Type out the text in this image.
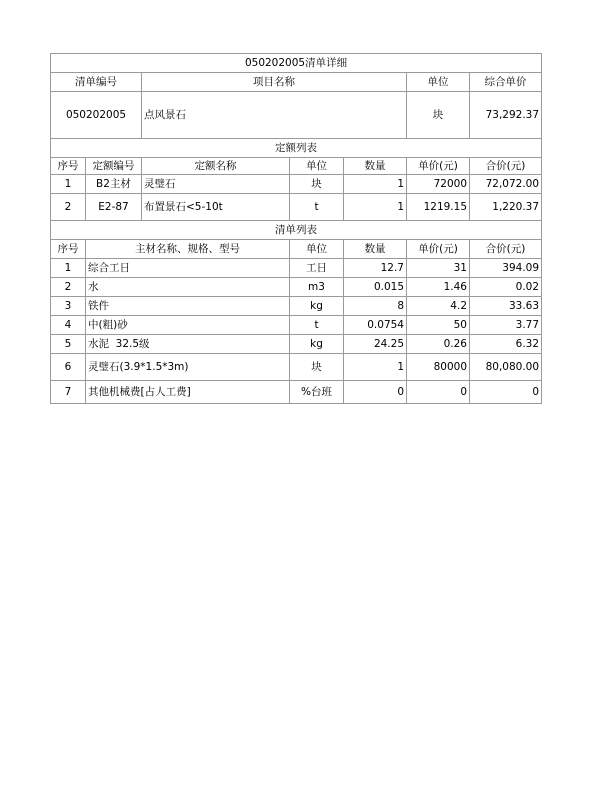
050202005清单详细						
清单编号		项目名称			单位	综合单价
050202005		点风景石			块	73,292.37
定额列表						
序号	定额编号	定额名称	单位	数量	单价(元)	合价(元)
1	B2主材	灵璧石	块	1	72000	72,072.00
2	E2-87	布置景石<5-10t	t	1	1219.15	1,220.37
清单列表						
序号	主材名称、规格、型号		单位	数量	单价(元)	合价(元)
1	综合工日		工日	12.7	31	394.09
2	水		m3	0.015	1.46	0.02
3	铁件		kg	8	4.2	33.63
4	中(粗)砂		t	0.0754	50	3.77
5	水泥  32.5级		kg	24.25	0.26	6.32
6	灵璧石(3.9*1.5*3m)		块	1	80000	80,080.00
7	其他机械费[占人工费]		%台班	0	0	0
